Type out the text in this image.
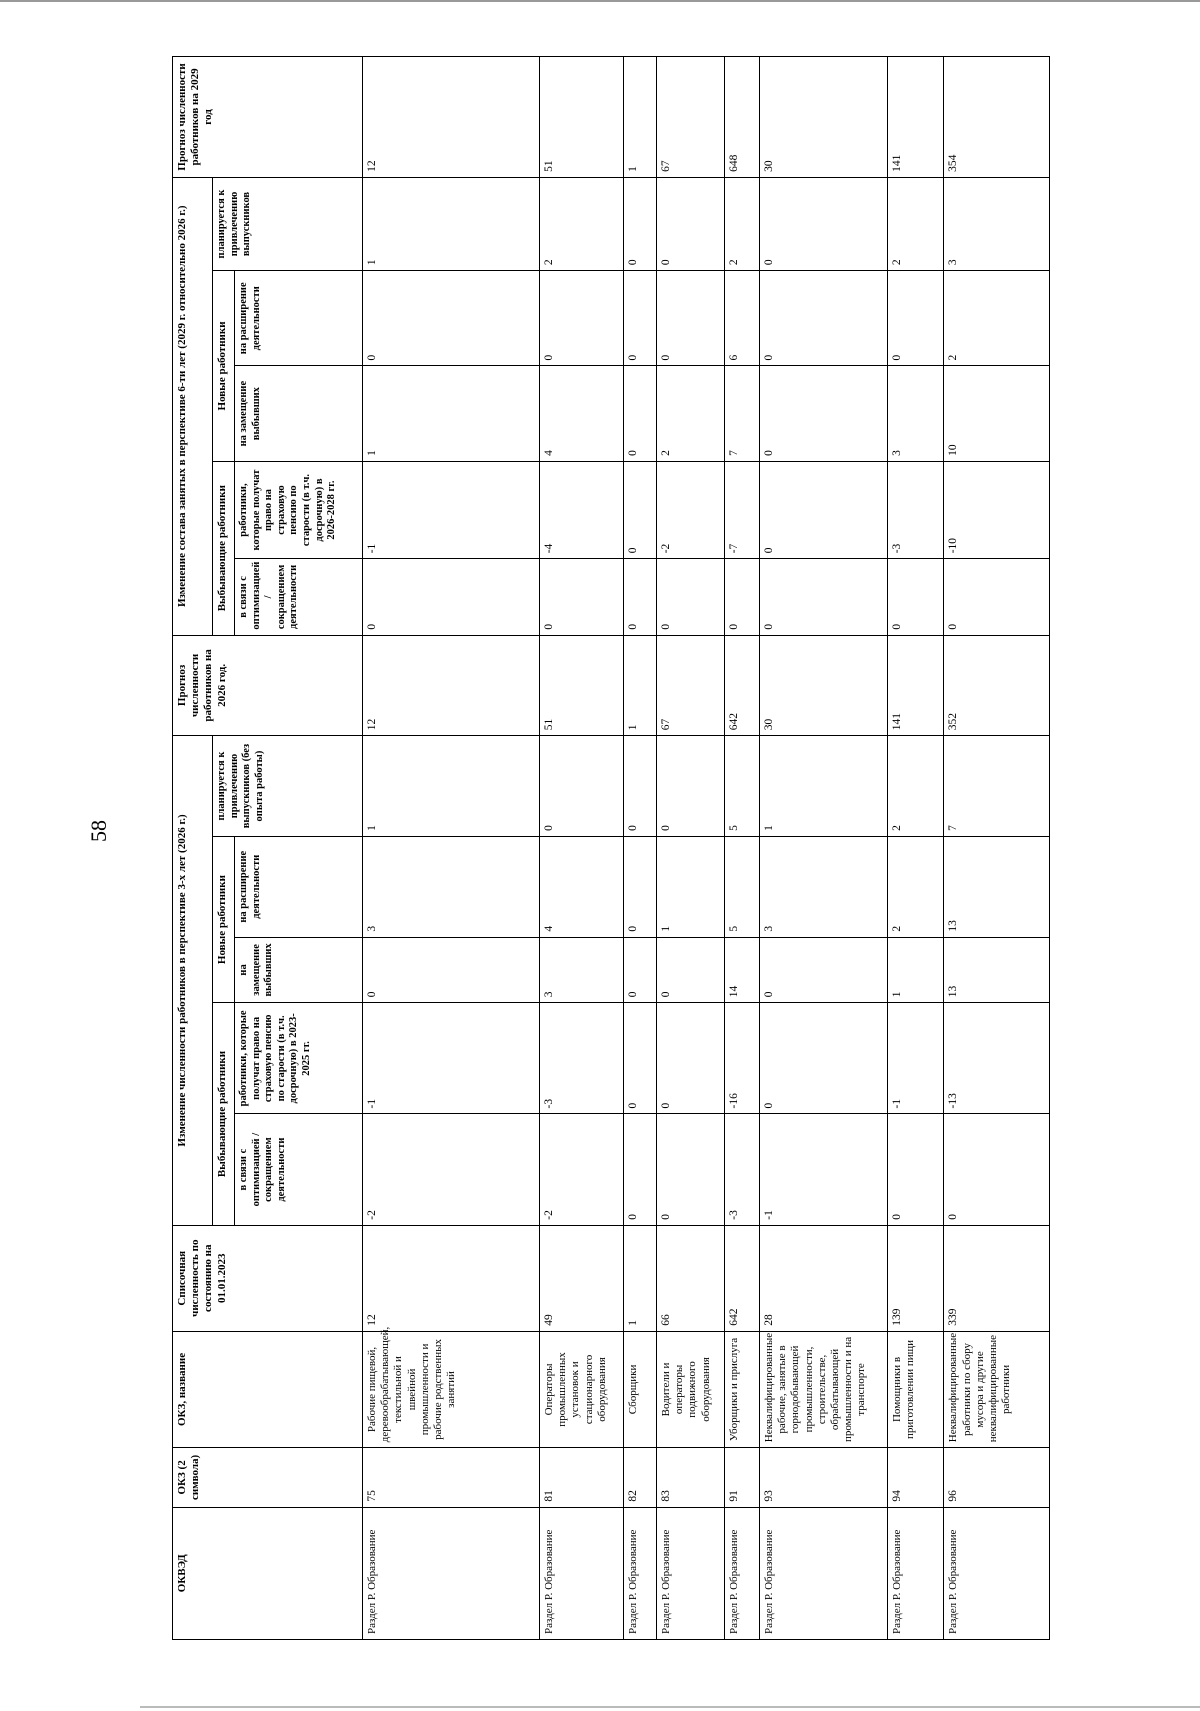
58
ОКВЭД	ОКЗ (2 символа)	ОКЗ, название	Списочная численность по состоянию на 01.01.2023	Изменение численности работников в перспективе 3-х лет (2026 г.)					Прогноз численности работников на 2026 год.	Изменение состава занятых в перспективе 6-ти лет (2029 г. относительно 2026 г.)					Прогноз численности работников на 2029 год
				Выбывающие работники		Новые работники		планируется к привлечению выпускников (без опыта работы)		Выбывающие работники		Новые работники		планируется к привлечению выпускников	
				в связи с оптимизацией / сокращением деятельности	работники, которые получат право на страховую пенсию по старости (в т.ч. досрочную) в 2023-2025 гг.	на замещение выбывших	на расширение деятельности			в связи с оптимизацией / сокращением деятельности	работники, которые получат право на страховую пенсию по старости (в т.ч. досрочную) в 2026-2028 гг.	на замещение выбывших	на расширение деятельности		
Раздел Р. Образование	75	Рабочие пищевой, деревообрабатывающей, текстильной и швейной промышленности и рабочие родственных занятий	12	-2	-1	0	3	1	12	0	-1	1	0	1	12
Раздел Р. Образование	81	Операторы промышленных установок и стационарного оборудования	49	-2	-3	3	4	0	51	0	-4	4	0	2	51
Раздел Р. Образование	82	Сборщики	1	0	0	0	0	0	1	0	0	0	0	0	1
Раздел Р. Образование	83	Водители и операторы подвижного оборудования	66	0	0	0	1	0	67	0	-2	2	0	0	67
Раздел Р. Образование	91	Уборщики и прислуга	642	-3	-16	14	5	5	642	0	-7	7	6	2	648
Раздел Р. Образование	93	Неквалифицированные рабочие, занятые в горнодобывающей промышленности, строительстве, обрабатывающей промышленности и на транспорте	28	-1	0	0	3	1	30	0	0	0	0	0	30
Раздел Р. Образование	94	Помощники в приготовлении пищи	139	0	-1	1	2	2	141	0	-3	3	0	2	141
Раздел Р. Образование	96	Неквалифицированные работники по сбору мусора и другие неквалифицированные работники	339	0	-13	13	13	7	352	0	-10	10	2	3	354
